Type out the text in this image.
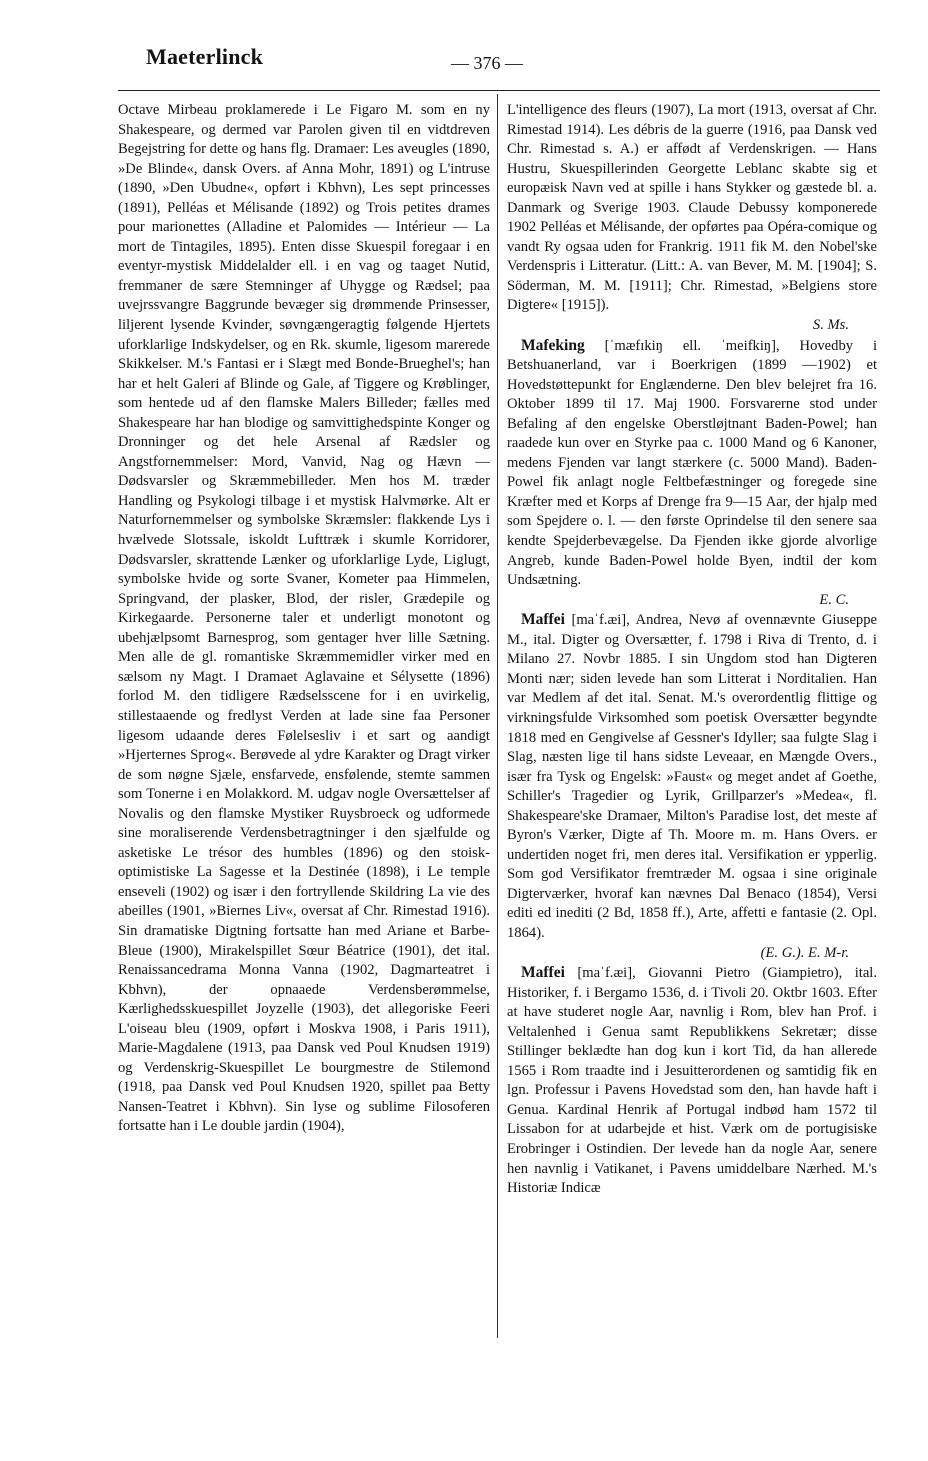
Maeterlinck	— 376 —

Octave Mirbeau proklamerede i Le Figaro M. som en ny Shakespeare, og dermed var Parolen given til en vidtdreven Begejstring for dette og hans flg. Dramaer: Les aveugles (1890, »De Blinde«, dansk Overs. af Anna Mohr, 1891) og L'intruse (1890, »Den Ubudne«, opført i Kbhvn), Les sept princesses (1891), Pelléas et Mélisande (1892) og Trois petites drames pour marionettes (Alladine et Palomides — Intérieur — La mort de Tintagiles, 1895). Enten disse Skuespil foregaar i en eventyr-mystisk Middelalder ell. i en vag og taaget Nutid, fremmaner de sære Stemninger af Uhygge og Rædsel; paa uvejrssvangre Baggrunde bevæger sig drømmende Prinsesser, liljerent lysende Kvinder, søvngængeragtig følgende Hjertets uforklarlige Indskydelser, og en Rk. skumle, ligesom marerede Skikkelser. M.'s Fantasi er i Slægt med Bonde-Brueghel's; han har et helt Galeri af Blinde og Gale, af Tiggere og Krøblinger, som hentede ud af den flamske Malers Billeder; fælles med Shakespeare har han blodige og samvittighedspinte Konger og Dronninger og det hele Arsenal af Rædsler og Angstfornemmelser: Mord, Vanvid, Nag og Hævn — Dødsvarsler og Skræmmebilleder. Men hos M. træder Handling og Psykologi tilbage i et mystisk Halvmørke. Alt er Naturfornemmelser og symbolske Skræmsler: flakkende Lys i hvælvede Slotssale, iskoldt Lufttræk i skumle Korridorer, Dødsvarsler, skrattende Lænker og uforklarlige Lyde, Liglugt, symbolske hvide og sorte Svaner, Kometer paa Himmelen, Springvand, der plasker, Blod, der risler, Grædepile og Kirkegaarde. Personerne taler et underligt monotont og ubehjælpsomt Barnesprog, som gentager hver lille Sætning. Men alle de gl. romantiske Skræmmemidler virker med en sælsom ny Magt. I Dramaet Aglavaine et Sélysette (1896) forlod M. den tidligere Rædselsscene for i en uvirkelig, stillestaaende og fredlyst Verden at lade sine faa Personer ligesom udaande deres Følelsesliv i et sart og aandigt »Hjerternes Sprog«. Berøvede al ydre Karakter og Dragt virker de som nøgne Sjæle, ensfarvede, ensfølende, stemte sammen som Tonerne i en Molakkord. M. udgav nogle Oversættelser af Novalis og den flamske Mystiker Ruysbroeck og udformede sine moraliserende Verdensbetragtninger i den sjælfulde og asketiske Le trésor des humbles (1896) og den stoisk-optimistiske La Sagesse et la Destinée (1898), i Le temple enseveli (1902) og især i den fortryllende Skildring La vie des abeilles (1901, »Biernes Liv«, oversat af Chr. Rimestad 1916). Sin dramatiske Digtning fortsatte han med Ariane et Barbe-Bleue (1900), Mirakelspillet Sœur Béatrice (1901), det ital. Renaissancedrama Monna Vanna (1902, Dagmarteatret i Kbhvn), der opnaaede Verdensberømmelse, Kærlighedsskuespillet Joyzelle (1903), det allegoriske Feeri L'oiseau bleu (1909, opført i Moskva 1908, i Paris 1911), Marie-Magdalene (1913, paa Dansk ved Poul Knudsen 1919) og Verdenskrig-Skuespillet Le bourgmestre de Stilemond (1918, paa Dansk ved Poul Knudsen 1920, spillet paa Betty Nansen-Teatret i Kbhvn). Sin lyse og sublime Filosoferen fortsatte han i Le double jardin (1904),

L'intelligence des fleurs (1907), La mort (1913, oversat af Chr. Rimestad 1914). Les débris de la guerre (1916, paa Dansk ved Chr. Rimestad s. A.) er affødt af Verdenskrigen. — Hans Hustru, Skuespillerinden Georgette Leblanc skabte sig et europæisk Navn ved at spille i hans Stykker og gæstede bl. a. Danmark og Sverige 1903. Claude Debussy komponerede 1902 Pelléas et Mélisande, der opførtes paa Opéra-comique og vandt Ry ogsaa uden for Frankrig. 1911 fik M. den Nobel'ske Verdenspris i Litteratur. (Litt.: A. van Bever, M. M. [1904]; S. Söderman, M. M. [1911]; Chr. Rimestad, »Belgiens store Digtere« [1915]).
S. Ms.

Mafeking [ˈmæfɪkiŋ ell. ˈmeifkiŋ], Hovedby i Betshuanerland, var i Boerkrigen (1899 —1902) et Hovedstøttepunkt for Englænderne. Den blev belejret fra 16. Oktober 1899 til 17. Maj 1900. Forsvarerne stod under Befaling af den engelske Oberstløjtnant Baden-Powel; han raadede kun over en Styrke paa c. 1000 Mand og 6 Kanoner, medens Fjenden var langt stærkere (c. 5000 Mand). Baden-Powel fik anlagt nogle Feltbefæstninger og foregede sine Kræfter med et Korps af Drenge fra 9—15 Aar, der hjalp med som Spejdere o. l. — den første Oprindelse til den senere saa kendte Spejderbevægelse. Da Fjenden ikke gjorde alvorlige Angreb, kunde Baden-Powel holde Byen, indtil der kom Undsætning.
E. C.

Maffei [maˈf.æi], Andrea, Nevø af ovennævnte Giuseppe M., ital. Digter og Oversætter, f. 1798 i Riva di Trento, d. i Milano 27. Novbr 1885. I sin Ungdom stod han Digteren Monti nær; siden levede han som Litterat i Norditalien. Han var Medlem af det ital. Senat. M.'s overordentlig flittige og virkningsfulde Virksomhed som poetisk Oversætter begyndte 1818 med en Gengivelse af Gessner's Idyller; saa fulgte Slag i Slag, næsten lige til hans sidste Leveaar, en Mængde Overs., især fra Tysk og Engelsk: »Faust« og meget andet af Goethe, Schiller's Tragedier og Lyrik, Grillparzer's »Medea«, fl. Shakespeare'ske Dramaer, Milton's Paradise lost, det meste af Byron's Værker, Digte af Th. Moore m. m. Hans Overs. er undertiden noget fri, men deres ital. Versifikation er ypperlig. Som god Versifikator fremtræder M. ogsaa i sine originale Digterværker, hvoraf kan nævnes Dal Benaco (1854), Versi editi ed inediti (2 Bd, 1858 ff.), Arte, affetti e fantasie (2. Opl. 1864).
(E. G.). E. M-r.

Maffei [maˈf.æi], Giovanni Pietro (Giampietro), ital. Historiker, f. i Bergamo 1536, d. i Tivoli 20. Oktbr 1603. Efter at have studeret nogle Aar, navnlig i Rom, blev han Prof. i Veltalenhed i Genua samt Republikkens Sekretær; disse Stillinger beklædte han dog kun i kort Tid, da han allerede 1565 i Rom traadte ind i Jesuitterordenen og samtidig fik en lgn. Professur i Pavens Hovedstad som den, han havde haft i Genua. Kardinal Henrik af Portugal indbød ham 1572 til Lissabon for at udarbejde et hist. Værk om de portugisiske Erobringer i Ostindien. Der levede han da nogle Aar, senere hen navnlig i Vatikanet, i Pavens umiddelbare Nærhed. M.'s Historiæ Indicæ
